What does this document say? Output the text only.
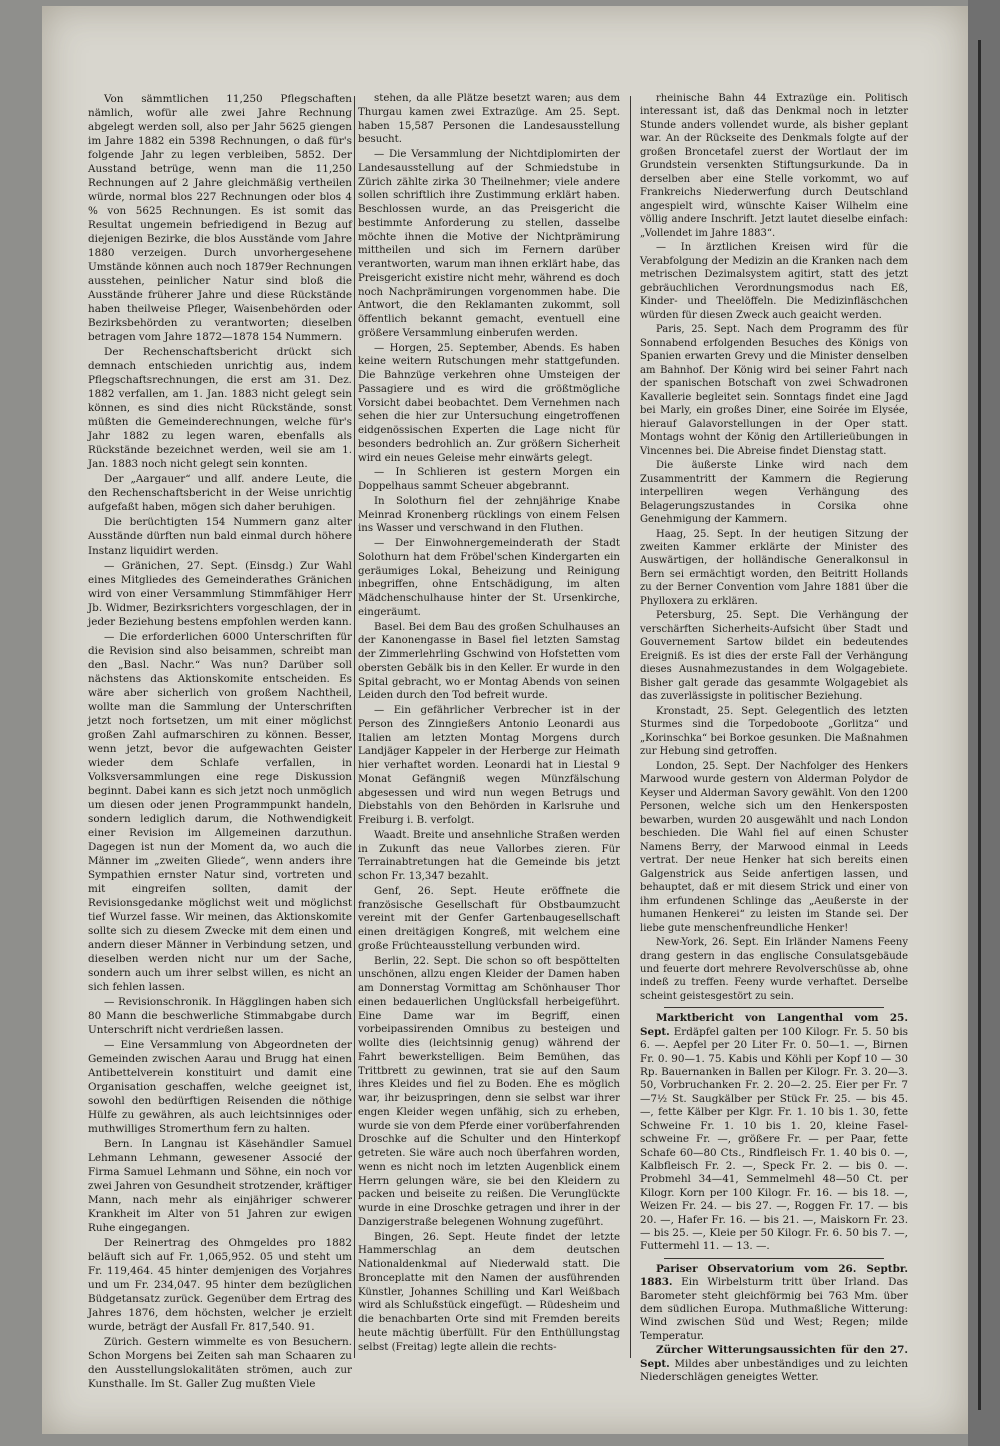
Von sämmtlichen 11,250 Pflegschaften nämlich, wofür alle zwei Jahre Rechnung abgelegt werden soll, also per Jahr 5625 giengen im Jahre 1882 ein 5398 Rechnungen, o daß für's folgende Jahr zu legen verbleiben, 5852. Der Ausstand betrüge, wenn man die 11,250 Rechnungen auf 2 Jahre gleichmäßig vertheilen würde, normal blos 227 Rechnungen oder blos 4 % von 5625 Rechnungen. Es ist somit das Resultat ungemein befriedigend in Bezug auf diejenigen Bezirke, die blos Ausstände vom Jahre 1880 verzeigen. Durch unvorhergesehene Umstände können auch noch 1879er Rechnungen ausstehen, peinlicher Natur sind bloß die Ausstände früherer Jahre und diese Rückstände haben theilweise Pfleger, Waisenbehörden oder Bezirksbehörden zu verantworten; dieselben betragen vom Jahre 1872—1878 154 Nummern.

Der Rechenschaftsbericht drückt sich demnach entschieden unrichtig aus, indem Pflegschaftsrechnungen, die erst am 31. Dez. 1882 verfallen, am 1. Jan. 1883 nicht gelegt sein können, es sind dies nicht Rückstände, sonst müßten die Gemeinderechnungen, welche für's Jahr 1882 zu legen waren, ebenfalls als Rückstände bezeichnet werden, weil sie am 1. Jan. 1883 noch nicht gelegt sein konnten.

Der „Aargauer“ und allf. andere Leute, die den Rechenschaftsbericht in der Weise unrichtig aufgefaßt haben, mögen sich daher beruhigen.

Die berüchtigten 154 Nummern ganz alter Ausstände dürften nun bald einmal durch höhere Instanz liquidirt werden.

— Gränichen, 27. Sept. (Einsdg.) Zur Wahl eines Mitgliedes des Gemeinderathes Gränichen wird von einer Versammlung Stimmfähiger Herr Jb. Widmer, Bezirksrichters vorgeschlagen, der in jeder Beziehung bestens empfohlen werden kann.

— Die erforderlichen 6000 Unterschriften für die Revision sind also beisammen, schreibt man den „Basl. Nachr.“ Was nun? Darüber soll nächstens das Aktionskomite entscheiden. Es wäre aber sicherlich von großem Nachtheil, wollte man die Sammlung der Unterschriften jetzt noch fortsetzen, um mit einer möglichst großen Zahl aufmarschiren zu können. Besser, wenn jetzt, bevor die aufgewachten Geister wieder dem Schlafe verfallen, in Volksversammlungen eine rege Diskussion beginnt. Dabei kann es sich jetzt noch unmöglich um diesen oder jenen Programmpunkt handeln, sondern lediglich darum, die Nothwendigkeit einer Revision im Allgemeinen darzuthun. Dagegen ist nun der Moment da, wo auch die Männer im „zweiten Gliede“, wenn anders ihre Sympathien ernster Natur sind, vortreten und mit eingreifen sollten, damit der Revisionsgedanke möglichst weit und möglichst tief Wurzel fasse. Wir meinen, das Aktionskomite sollte sich zu diesem Zwecke mit dem einen und andern dieser Männer in Verbindung setzen, und dieselben werden nicht nur um der Sache, sondern auch um ihrer selbst willen, es nicht an sich fehlen lassen.

— Revisionschronik. In Hägglingen haben sich 80 Mann die beschwerliche Stimmabgabe durch Unterschrift nicht verdrießen lassen.

— Eine Versammlung von Abgeordneten der Gemeinden zwischen Aarau und Brugg hat einen Antibettelverein konstituirt und damit eine Organisation geschaffen, welche geeignet ist, sowohl den bedürftigen Reisenden die nöthige Hülfe zu gewähren, als auch leichtsinniges oder muthwilliges Stromerthum fern zu halten.

Bern. In Langnau ist Käsehändler Samuel Lehmann Lehmann, gewesener Associé der Firma Samuel Lehmann und Söhne, ein noch vor zwei Jahren von Gesundheit strotzender, kräftiger Mann, nach mehr als einjähriger schwerer Krankheit im Alter von 51 Jahren zur ewigen Ruhe eingegangen.

Der Reinertrag des Ohmgeldes pro 1882 beläuft sich auf Fr. 1,065,952. 05 und steht um Fr. 119,464. 45 hinter demjenigen des Vorjahres und um Fr. 234,047. 95 hinter dem bezüglichen Büdgetansatz zurück. Gegenüber dem Ertrag des Jahres 1876, dem höchsten, welcher je erzielt wurde, beträgt der Ausfall Fr. 817,540. 91.

Zürich. Gestern wimmelte es von Besuchern. Schon Morgens bei Zeiten sah man Schaaren zu den Ausstellungslokalitäten strömen, auch zur Kunsthalle. Im St. Galler Zug mußten Viele

stehen, da alle Plätze besetzt waren; aus dem Thurgau kamen zwei Extrazüge. Am 25. Sept. haben 15,587 Personen die Landesausstellung besucht.

— Die Versammlung der Nichtdiplomirten der Landesausstellung auf der Schmiedstube in Zürich zählte zirka 30 Theilnehmer; viele andere sollen schriftlich ihre Zustimmung erklärt haben. Beschlossen wurde, an das Preisgericht die bestimmte Anforderung zu stellen, dasselbe möchte ihnen die Motive der Nichtprämirung mittheilen und sich im Fernern darüber verantworten, warum man ihnen erklärt habe, das Preisgericht existire nicht mehr, während es doch noch Nachprämirungen vorgenommen habe. Die Antwort, die den Reklamanten zukommt, soll öffentlich bekannt gemacht, eventuell eine größere Versammlung einberufen werden.

— Horgen, 25. September, Abends. Es haben keine weitern Rutschungen mehr stattgefunden. Die Bahnzüge verkehren ohne Umsteigen der Passagiere und es wird die größtmögliche Vorsicht dabei beobachtet. Dem Vernehmen nach sehen die hier zur Untersuchung eingetroffenen eidgenössischen Experten die Lage nicht für besonders bedrohlich an. Zur größern Sicherheit wird ein neues Geleise mehr einwärts gelegt.

— In Schlieren ist gestern Morgen ein Doppelhaus sammt Scheuer abgebrannt.

In Solothurn fiel der zehnjährige Knabe Meinrad Kronenberg rücklings von einem Felsen ins Wasser und verschwand in den Fluthen.

— Der Einwohnergemeinderath der Stadt Solothurn hat dem Fröbel'schen Kindergarten ein geräumiges Lokal, Beheizung und Reinigung inbegriffen, ohne Entschädigung, im alten Mädchenschulhause hinter der St. Ursenkirche, eingeräumt.

Basel. Bei dem Bau des großen Schulhauses an der Kanonengasse in Basel fiel letzten Samstag der Zimmerlehrling Gschwind von Hofstetten vom obersten Gebälk bis in den Keller. Er wurde in den Spital gebracht, wo er Montag Abends von seinen Leiden durch den Tod befreit wurde.

— Ein gefährlicher Verbrecher ist in der Person des Zinngießers Antonio Leonardi aus Italien am letzten Montag Morgens durch Landjäger Kappeler in der Herberge zur Heimath hier verhaftet worden. Leonardi hat in Liestal 9 Monat Gefängniß wegen Münzfälschung abgesessen und wird nun wegen Betrugs und Diebstahls von den Behörden in Karlsruhe und Freiburg i. B. verfolgt.

Waadt. Breite und ansehnliche Straßen werden in Zukunft das neue Vallorbes zieren. Für Terrainabtretungen hat die Gemeinde bis jetzt schon Fr. 13,347 bezahlt.

Genf, 26. Sept. Heute eröffnete die französische Gesellschaft für Obstbaumzucht vereint mit der Genfer Gartenbaugesellschaft einen dreitägigen Kongreß, mit welchem eine große Früchteausstellung verbunden wird.

Berlin, 22. Sept. Die schon so oft bespöttelten unschönen, allzu engen Kleider der Damen haben am Donnerstag Vormittag am Schönhauser Thor einen bedauerlichen Unglücksfall herbeigeführt. Eine Dame war im Begriff, einen vorbeipassirenden Omnibus zu besteigen und wollte dies (leichtsinnig genug) während der Fahrt bewerkstelligen. Beim Bemühen, das Trittbrett zu gewinnen, trat sie auf den Saum ihres Kleides und fiel zu Boden. Ehe es möglich war, ihr beizuspringen, denn sie selbst war ihrer engen Kleider wegen unfähig, sich zu erheben, wurde sie von dem Pferde einer vorüberfahrenden Droschke auf die Schulter und den Hinterkopf getreten. Sie wäre auch noch überfahren worden, wenn es nicht noch im letzten Augenblick einem Herrn gelungen wäre, sie bei den Kleidern zu packen und beiseite zu reißen. Die Verunglückte wurde in eine Droschke getragen und ihrer in der Danzigerstraße belegenen Wohnung zugeführt.

Bingen, 26. Sept. Heute findet der letzte Hammerschlag an dem deutschen Nationaldenkmal auf Niederwald statt. Die Bronceplatte mit den Namen der ausführenden Künstler, Johannes Schilling und Karl Weißbach wird als Schlußstück eingefügt. — Rüdesheim und die benachbarten Orte sind mit Fremden bereits heute mächtig überfüllt. Für den Enthüllungstag selbst (Freitag) legte allein die rechts-

rheinische Bahn 44 Extrazüge ein. Politisch interessant ist, daß das Denkmal noch in letzter Stunde anders vollendet wurde, als bisher geplant war. An der Rückseite des Denkmals folgte auf der großen Broncetafel zuerst der Wortlaut der im Grundstein versenkten Stiftungsurkunde. Da in derselben aber eine Stelle vorkommt, wo auf Frankreichs Niederwerfung durch Deutschland angespielt wird, wünschte Kaiser Wilhelm eine völlig andere Inschrift. Jetzt lautet dieselbe einfach: „Vollendet im Jahre 1883“.

— In ärztlichen Kreisen wird für die Verabfolgung der Medizin an die Kranken nach dem metrischen Dezimalsystem agitirt, statt des jetzt gebräuchlichen Verordnungsmodus nach Eß, Kinder- und Theelöffeln. Die Medizinfläschchen würden für diesen Zweck auch geaicht werden.

Paris, 25. Sept. Nach dem Programm des für Sonnabend erfolgenden Besuches des Königs von Spanien erwarten Grevy und die Minister denselben am Bahnhof. Der König wird bei seiner Fahrt nach der spanischen Botschaft von zwei Schwadronen Kavallerie begleitet sein. Sonntags findet eine Jagd bei Marly, ein großes Diner, eine Soirée im Elysée, hierauf Galavorstellungen in der Oper statt. Montags wohnt der König den Artillerieübungen in Vincennes bei. Die Abreise findet Dienstag statt.

Die äußerste Linke wird nach dem Zusammentritt der Kammern die Regierung interpelliren wegen Verhängung des Belagerungszustandes in Corsika ohne Genehmigung der Kammern.

Haag, 25. Sept. In der heutigen Sitzung der zweiten Kammer erklärte der Minister des Auswärtigen, der holländische Generalkonsul in Bern sei ermächtigt worden, den Beitritt Hollands zu der Berner Convention vom Jahre 1881 über die Phylloxera zu erklären.

Petersburg, 25. Sept. Die Verhängung der verschärften Sicherheits-Aufsicht über Stadt und Gouvernement Sartow bildet ein bedeutendes Ereigniß. Es ist dies der erste Fall der Verhängung dieses Ausnahmezustandes in dem Wolgagebiete. Bisher galt gerade das gesammte Wolgagebiet als das zuverlässigste in politischer Beziehung.

Kronstadt, 25. Sept. Gelegentlich des letzten Sturmes sind die Torpedoboote „Gorlitza“ und „Korinschka“ bei Borkoe gesunken. Die Maßnahmen zur Hebung sind getroffen.

London, 25. Sept. Der Nachfolger des Henkers Marwood wurde gestern von Alderman Polydor de Keyser und Alderman Savory gewählt. Von den 1200 Personen, welche sich um den Henkersposten bewarben, wurden 20 ausgewählt und nach London beschieden. Die Wahl fiel auf einen Schuster Namens Berry, der Marwood einmal in Leeds vertrat. Der neue Henker hat sich bereits einen Galgenstrick aus Seide anfertigen lassen, und behauptet, daß er mit diesem Strick und einer von ihm erfundenen Schlinge das „Aeußerste in der humanen Henkerei“ zu leisten im Stande sei. Der liebe gute menschenfreundliche Henker!

New-York, 26. Sept. Ein Irländer Namens Feeny drang gestern in das englische Consulatsgebäude und feuerte dort mehrere Revolverschüsse ab, ohne indeß zu treffen. Feeny wurde verhaftet. Derselbe scheint geistesgestört zu sein.

Marktbericht von Langenthal vom 25. Sept. Erdäpfel galten per 100 Kilogr. Fr. 5. 50 bis 6. —. Aepfel per 20 Liter Fr. 0. 50—1. —, Birnen Fr. 0. 90—1. 75. Kabis und Köhli per Kopf 10 — 30 Rp. Bauernanken in Ballen per Kilogr. Fr. 3. 20—3. 50, Vorbruchanken Fr. 2. 20—2. 25. Eier per Fr. 7—7½ St. Saugkälber per Stück Fr. 25. — bis 45. —, fette Kälber per Klgr. Fr. 1. 10 bis 1. 30, fette Schweine Fr. 1. 10 bis 1. 20, kleine Fasel-schweine Fr. —, größere Fr. — per Paar, fette Schafe 60—80 Cts., Rindfleisch Fr. 1. 40 bis 0. —, Kalbfleisch Fr. 2. —, Speck Fr. 2. — bis 0. —. Probmehl 34—41, Semmelmehl 48—50 Ct. per Kilogr. Korn per 100 Kilogr. Fr. 16. — bis 18. —, Weizen Fr. 24. — bis 27. —, Roggen Fr. 17. — bis 20. —, Hafer Fr. 16. — bis 21. —, Maiskorn Fr. 23. — bis 25. —, Kleie per 50 Kilogr. Fr. 6. 50 bis 7. —, Futtermehl 11. — 13. —.

Pariser Observatorium vom 26. Septbr. 1883. Ein Wirbelsturm tritt über Irland. Das Barometer steht gleichförmig bei 763 Mm. über dem südlichen Europa. Muthmaßliche Witterung: Wind zwischen Süd und West; Regen; milde Temperatur.

Zürcher Witterungsaussichten für den 27. Sept. Mildes aber unbeständiges und zu leichten Niederschlägen geneigtes Wetter.
